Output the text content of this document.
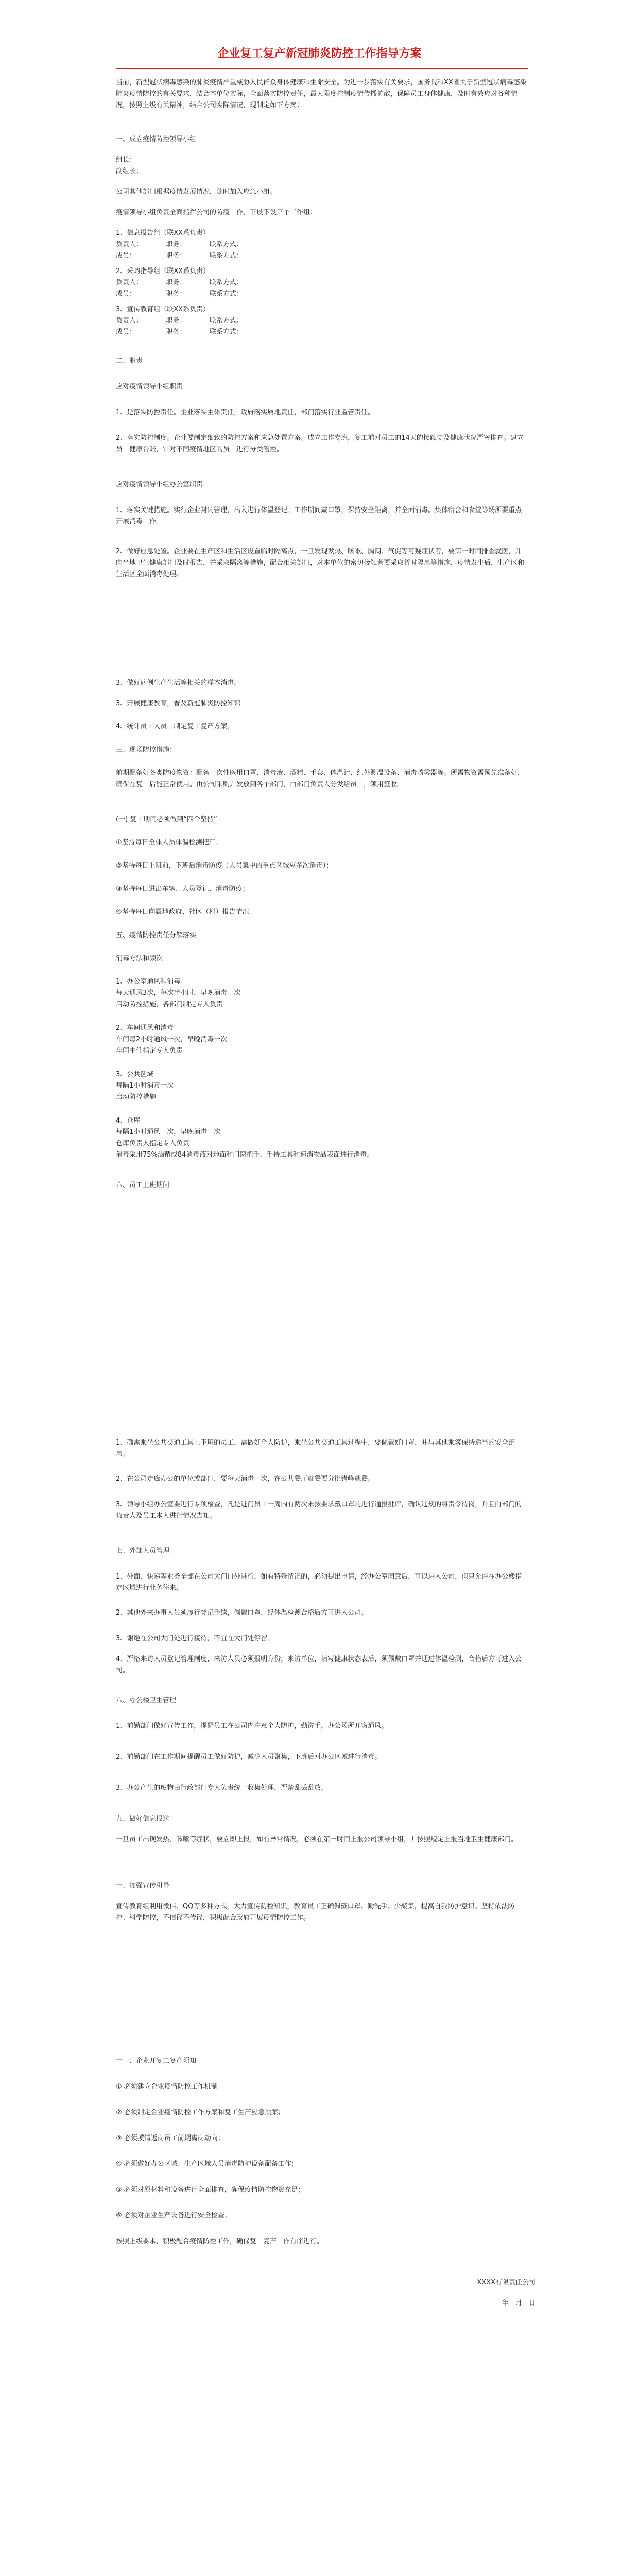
企业复工复产新冠肺炎防控工作指导方案

当前，新型冠状病毒感染的肺炎疫情严重威胁人民群众身体健康和生命安全。为进一步落实有关要求，国务院和XX省关于新型冠状病毒感染肺炎疫情防控的有关要求，结合本单位实际，全面落实防控责任，最大限度控制疫情传播扩散，保障员工身体健康，及时有效应对各种情况，按照上级有关精神，结合公司实际情况，现制定如下方案：

一、成立疫情防控领导小组

组长：

副组长：

公司其他部门根据疫情发展情况，随时加入应急小组。

疫情领导小组负责全面指挥公司的防疫工作，下设下设三个工作组：

1、信息报告组（联XX系负责）

负责人：　　　　职务：　　　　联系方式：

成员：　　　　　职务：　　　　联系方式：

2、采购指导组（联XX系负责）

负责人：　　　　职务：　　　　联系方式：

成员：　　　　　职务：　　　　联系方式：

3、宣传教育组（联XX系负责）

负责人：　　　　职务：　　　　联系方式：

成员：　　　　　职务：　　　　联系方式：

二、职责

应对疫情领导小组职责

1、是落实防控责任。企业落实主体责任，政府落实属地责任，部门落实行业监管责任。

2、落实防控制度。企业要制定细致的防控方案和应急处置方案。成立工作专班，复工前对员工的14天的接触史及健康状况严密排查。建立员工健康台账，针对不同疫情地区的员工进行分类管控。

应对疫情领导小组办公室职责

1、落实关键措施。实行企业封闭管理，出入进行体温登记。工作期间戴口罩，保持安全距离，并全面消毒。集体宿舍和食堂等场所要重点开展消毒工作。

2、做好应急处置。企业要在生产区和生活区设置临时隔离点，一旦发现发热、咳嗽、胸闷、气促等可疑症状者，要第一时间排查就医，并向当地卫生健康部门及时报告，并采取隔离等措施，配合相关部门，对本单位的密切接触者要采取暂时隔离等措施，疫情发生后，生产区和生活区全面消毒处理。

3、做好病例生产生活等相关的样本消毒。

3、开展健康教育，普及新冠肺炎防控知识

4、统计员工人员，制定复工复产方案。

三、现场防控措施：

前期配备好各类防疫物资：配备一次性医用口罩、消毒液、酒精、手套、体温计、红外测温设备、消毒喷雾器等。所需物资需预先准备好，确保在复工后能正常使用。由公司采购并发放到各个部门，由部门负责人分发给员工，领用签收。

(一) 复工期间必须做到“四个坚持”

①坚持每日全体人员体温检测把厂；

②坚持每日上班前，下班后消毒防疫（人员集中的重点区域应多次消毒）；

③坚持每日进出车辆、人员登记、消毒防疫；

④坚持每日向属地政府、社区（村）报告情况

五、疫情防控责任分解落实

消毒方法和频次

1、办公室通风和消毒

每天通风3次，每次半小时，早晚消毒一次

启动防控措施，各部门制定专人负责

2、车间通风和消毒

车间每2小时通风一次，早晚消毒一次

车间主任指定专人负责

3、公共区域

每隔1小时消毒一次

启动防控措施

4、仓库

每隔1小时通风一次，早晚消毒一次

仓库负责人指定专人负责

消毒采用75%酒精或84消毒液对地面和门窗把手，手持工具和速消物品表面进行消毒。

六、员工上班期间

1、确需乘坐公共交通工具上下班的员工，需做好个人防护，乘坐公共交通工具过程中，要佩戴好口罩，并与其他乘客保持适当的安全距离。

2、在公司走廊办公的单位或部门，要每天消毒一次，在公共餐厅就餐要分批错峰就餐。

3、领导小组办公室要进行专项检查，凡是进门员工一周内有两次未按要求戴口罩的进行通报批评，确认违规的将责令待岗，并且向部门的负责人及员工本人进行情况告知。

七、外部人员管理

1、外面、快递等业务全部在公司大门口外进行，如有特殊情况的，必须提出申请，经办公室同意后，可以进入公司，但只允许在办公楼指定区域进行业务往来。

2、其他外来办事人员须履行登记手续，佩戴口罩，经体温检测合格后方可进入公司。

3、谢绝在公司大门处进行接待，不宜在大门处停留。

4、严格来访人员登记管理制度，来访人员必须报明身份，来访单位，填写健康状态表后，须佩戴口罩并通过体温检测，合格后方可进入公司。

八、办公楼卫生管理

1、前勤部门做好宣传工作，提醒员工在公司内注意个人防护，勤洗手，办公场所开窗通风。

2、前勤部门在工作期间提醒员工做好防护，减少人员聚集，下班后对办公区域进行消毒。

3、办公产生的废物由行政部门专人负责统一收集处理，严禁乱丢乱放。

九、做好信息报送

一旦员工出现发热、咳嗽等症状，要立即上报，如有异常情况，必须在第一时间上报公司领导小组，并按照规定上报当地卫生健康部门。

十、加强宣传引导

宣传教育组利用微信、QQ等多种方式，大力宣传防控知识，教育员工正确佩戴口罩、勤洗手、少聚集，提高自我防护意识。坚持依法防控、科学防控，不信谣不传谣，积极配合政府开展疫情防控工作。

十一、企业开复工复产须知

① 必须建立企业疫情防控工作机制

② 必须制定企业疫情防控工作方案和复工生产应急预案；

③ 必须摸清返岗员工前期离岗动向；

④ 必须做好办公区域、生产区域人员消毒防护设备配备工作；

⑤ 必须对原材料和设备进行全面排查，确保疫情防控物资充足；

⑥ 必须对企业生产设备进行安全检查；

按照上级要求，积极配合疫情防控工作，确保复工复产工作有序进行。

XXXX有限责任公司

年　月　日
